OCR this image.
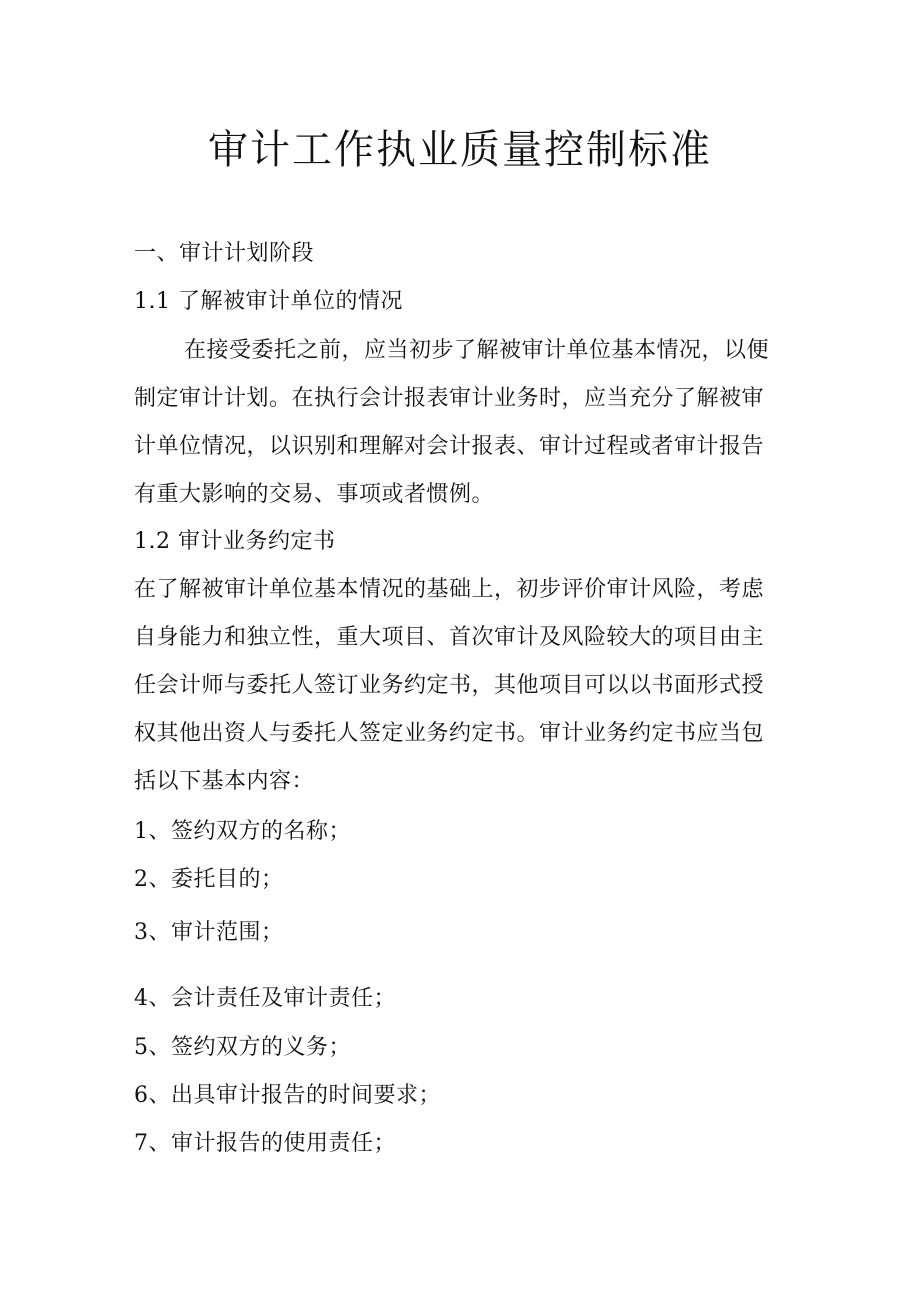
审计工作执业质量控制标准
一、审计计划阶段
1.1 了解被审计单位的情况
在接受委托之前，应当初步了解被审计单位基本情况，以便
制定审计计划。在执行会计报表审计业务时，应当充分了解被审
计单位情况，以识别和理解对会计报表、审计过程或者审计报告
有重大影响的交易、事项或者惯例。
1.2 审计业务约定书
在了解被审计单位基本情况的基础上，初步评价审计风险，考虑
自身能力和独立性，重大项目、首次审计及风险较大的项目由主
任会计师与委托人签订业务约定书，其他项目可以以书面形式授
权其他出资人与委托人签定业务约定书。审计业务约定书应当包
括以下基本内容：
1、签约双方的名称；
2、委托目的；
3、审计范围；
4、会计责任及审计责任；
5、签约双方的义务；
6、出具审计报告的时间要求；
7、审计报告的使用责任；
